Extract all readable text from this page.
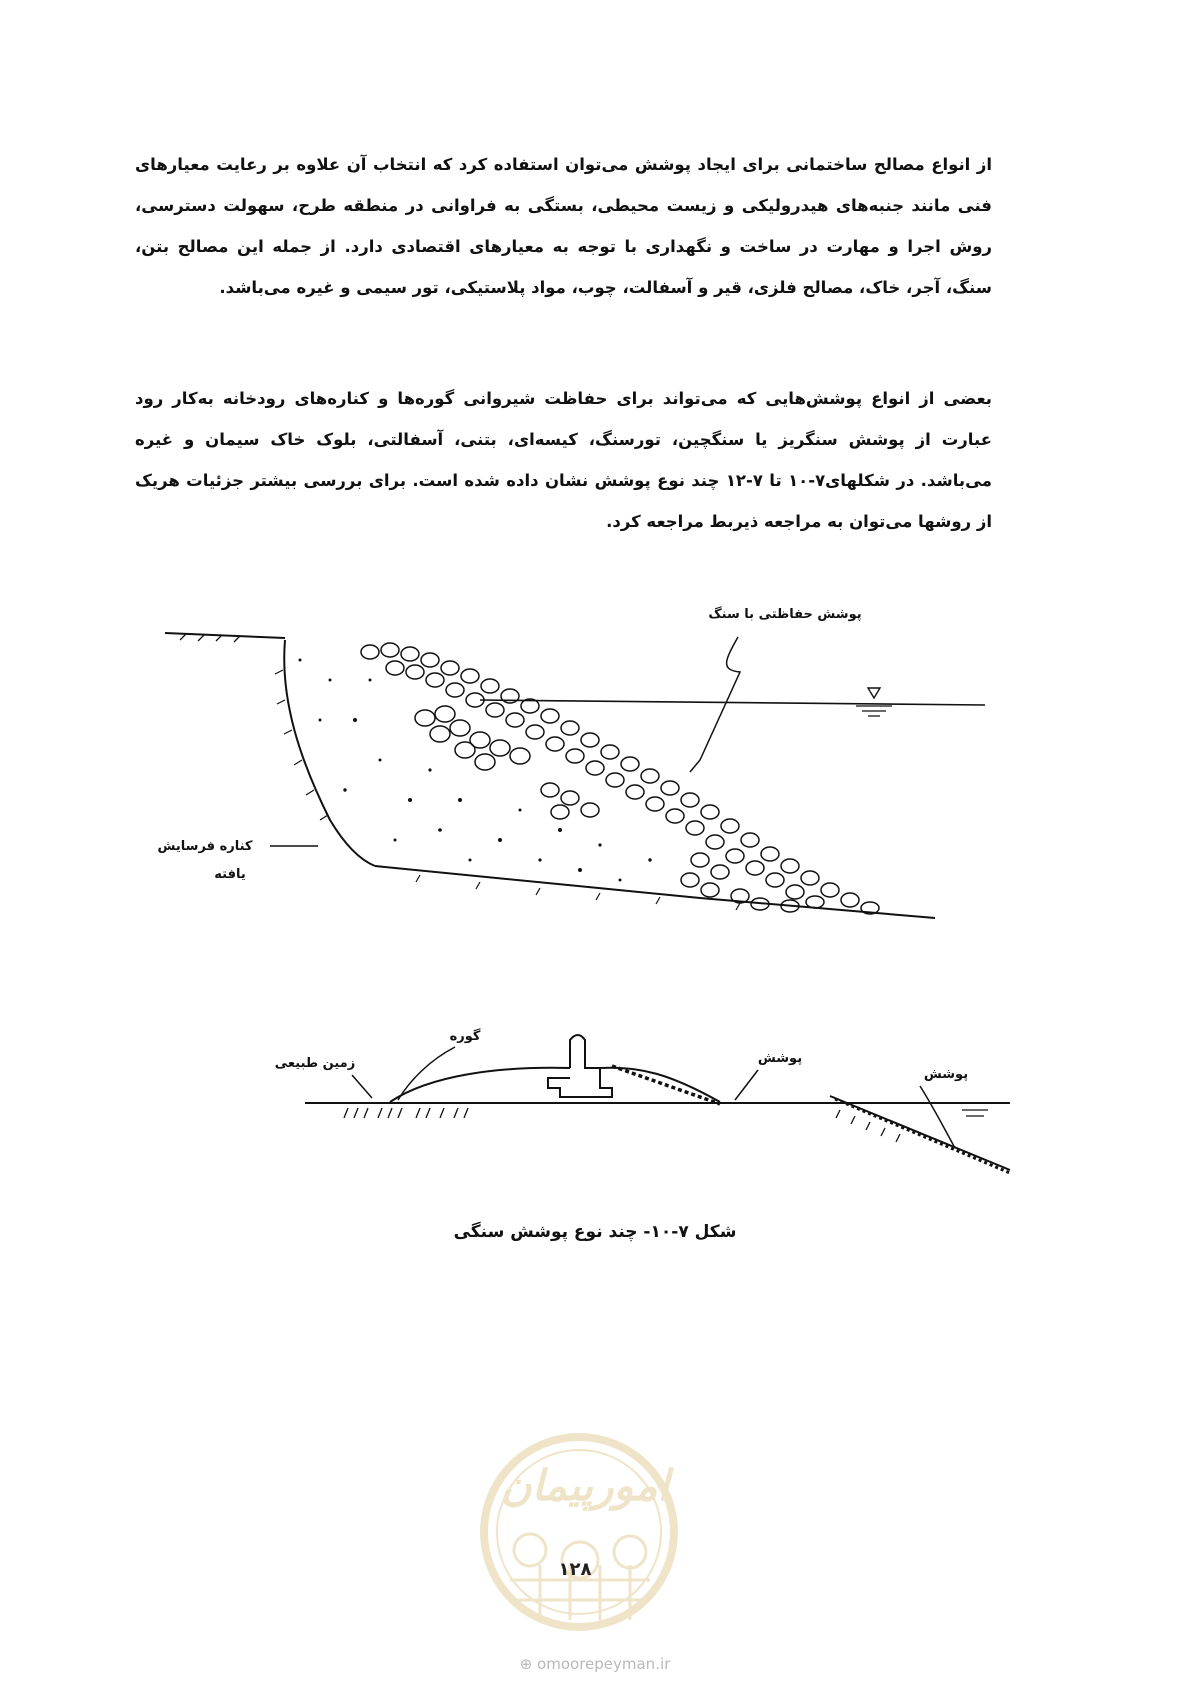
از انواع مصالح ساختمانی برای ایجاد پوشش می‌توان استفاده کرد که انتخاب آن علاوه بر رعایت معیارهای فنی مانند جنبه‌های هیدرولیکی و زیست محیطی، بستگی به فراوانی در منطقه طرح، سهولت دسترسی، روش اجرا و مهارت در ساخت و نگهداری با توجه به معیارهای اقتصادی دارد. از جمله این مصالح بتن، سنگ، آجر، خاک، مصالح فلزی، قیر و آسفالت، چوب، مواد پلاستیکی، تور سیمی و غیره می‌باشد.

بعضی از انواع پوشش‌هایی که می‌تواند برای حفاظت شیروانی گوره‌ها و کناره‌های رودخانه به‌کار رود عبارت از پوشش سنگریز یا سنگچین، تورسنگ، کیسه‌ای، بتنی، آسفالتی، بلوک خاک سیمان و غیره می‌باشد. در شکلهای۷-۱۰ تا ۷-۱۲ چند نوع پوشش نشان داده شده است. برای بررسی بیشتر جزئیات هریک از روشها می‌توان به مراجعه ذیربط مراجعه کرد.

پوشش حفاظتی با سنگ
کناره فرسایش
یافته
زمین طبیعی
گوره
پوشش
پوشش
امورپیمان
شکل ۷-۱۰- چند نوع پوشش سنگی
۱۲۸
⊕ omoorepeyman.ir
